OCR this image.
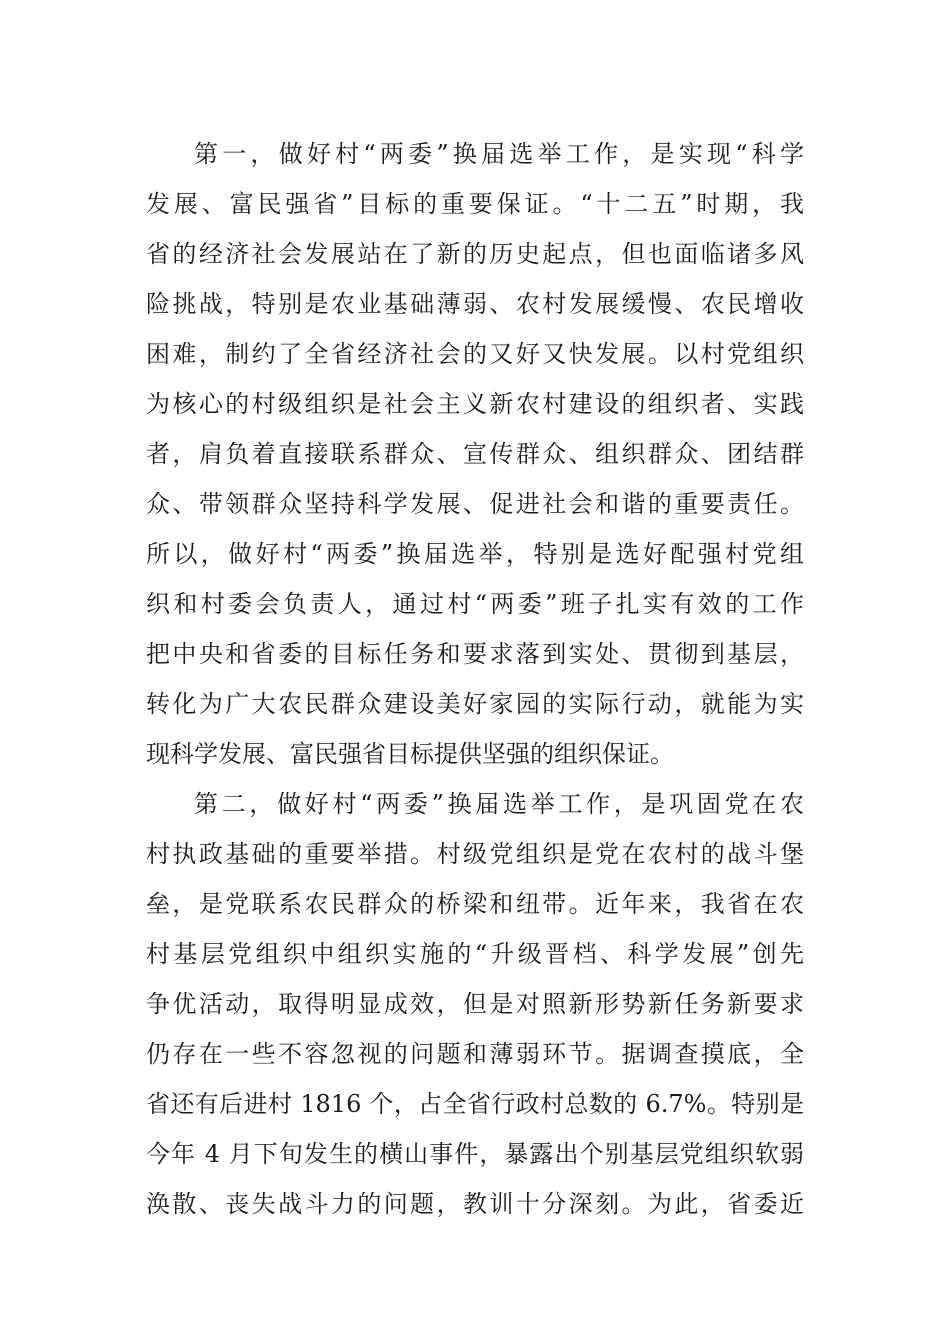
第一，做好村“两委”换届选举工作，是实现“科学
发展、富民强省”目标的重要保证。“十二五”时期，我
省的经济社会发展站在了新的历史起点，但也面临诸多风
险挑战，特别是农业基础薄弱、农村发展缓慢、农民增收
困难，制约了全省经济社会的又好又快发展。以村党组织
为核心的村级组织是社会主义新农村建设的组织者、实践
者，肩负着直接联系群众、宣传群众、组织群众、团结群
众、带领群众坚持科学发展、促进社会和谐的重要责任。
所以，做好村“两委”换届选举，特别是选好配强村党组
织和村委会负责人，通过村“两委”班子扎实有效的工作
把中央和省委的目标任务和要求落到实处、贯彻到基层，
转化为广大农民群众建设美好家园的实际行动，就能为实
现科学发展、富民强省目标提供坚强的组织保证。
第二，做好村“两委”换届选举工作，是巩固党在农
村执政基础的重要举措。村级党组织是党在农村的战斗堡
垒，是党联系农民群众的桥梁和纽带。近年来，我省在农
村基层党组织中组织实施的“升级晋档、科学发展”创先
争优活动，取得明显成效，但是对照新形势新任务新要求
仍存在一些不容忽视的问题和薄弱环节。据调查摸底，全
省还有后进村 1816 个，占全省行政村总数的 6.7%。特别是
今年 4 月下旬发生的横山事件，暴露出个别基层党组织软弱
涣散、丧失战斗力的问题，教训十分深刻。为此，省委近
